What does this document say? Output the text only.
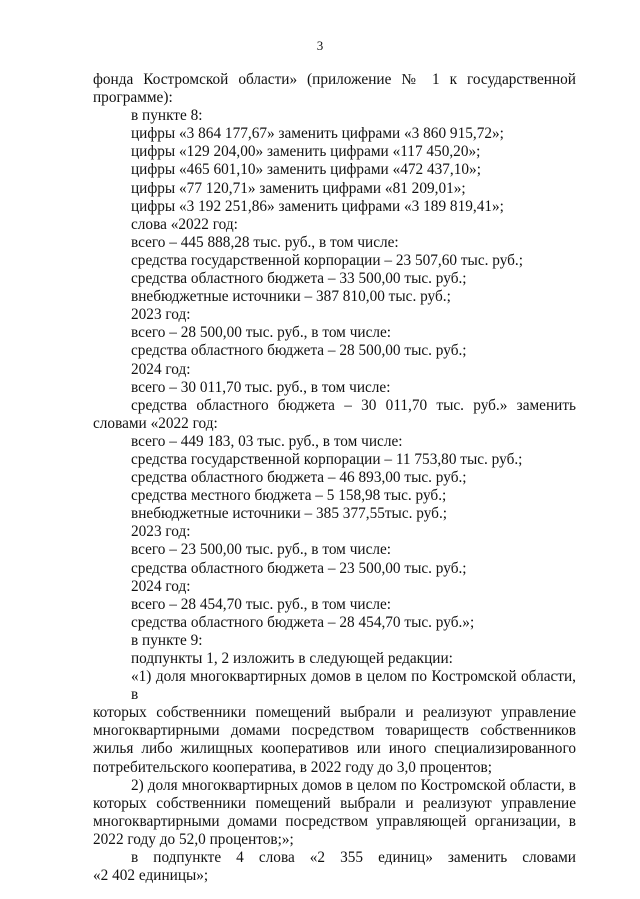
3
фонда Костромской области» (приложение № 1 к государственной
программе):
в пункте 8:
цифры «3 864 177,67» заменить цифрами «3 860 915,72»;
цифры «129 204,00» заменить цифрами «117 450,20»;
цифры «465 601,10» заменить цифрами «472 437,10»;
цифры «77 120,71» заменить цифрами «81 209,01»;
цифры «3 192 251,86» заменить цифрами «3 189 819,41»;
слова «2022 год:
всего – 445 888,28 тыс. руб., в том числе:
средства государственной корпорации – 23 507,60 тыс. руб.;
средства областного бюджета – 33 500,00 тыс. руб.;
внебюджетные источники – 387 810,00 тыс. руб.;
2023 год:
всего – 28 500,00 тыс. руб., в том числе:
средства областного бюджета – 28 500,00 тыс. руб.;
2024 год:
всего – 30 011,70 тыс. руб., в том числе:
средства областного бюджета – 30 011,70 тыс. руб.» заменить
словами «2022 год:
всего – 449 183, 03 тыс. руб., в том числе:
средства государственной корпорации – 11 753,80 тыс. руб.;
средства областного бюджета – 46 893,00 тыс. руб.;
средства местного бюджета – 5 158,98 тыс. руб.;
внебюджетные источники – 385 377,55тыс. руб.;
2023 год:
всего – 23 500,00 тыс. руб., в том числе:
средства областного бюджета – 23 500,00 тыс. руб.;
2024 год:
всего – 28 454,70 тыс. руб., в том числе:
средства областного бюджета – 28 454,70 тыс. руб.»;
в пункте 9:
подпункты 1, 2 изложить в следующей редакции:
«1) доля многоквартирных домов в целом по Костромской области, в
которых собственники помещений выбрали и реализуют управление
многоквартирными домами посредством товариществ собственников
жилья либо жилищных кооперативов или иного специализированного
потребительского кооператива, в 2022 году до 3,0 процентов;
2) доля многоквартирных домов в целом по Костромской области, в
которых собственники помещений выбрали и реализуют управление
многоквартирными домами посредством управляющей организации, в
2022 году до 52,0 процентов;»;
в подпункте 4 слова «2 355 единиц» заменить словами
«2 402 единицы»;
